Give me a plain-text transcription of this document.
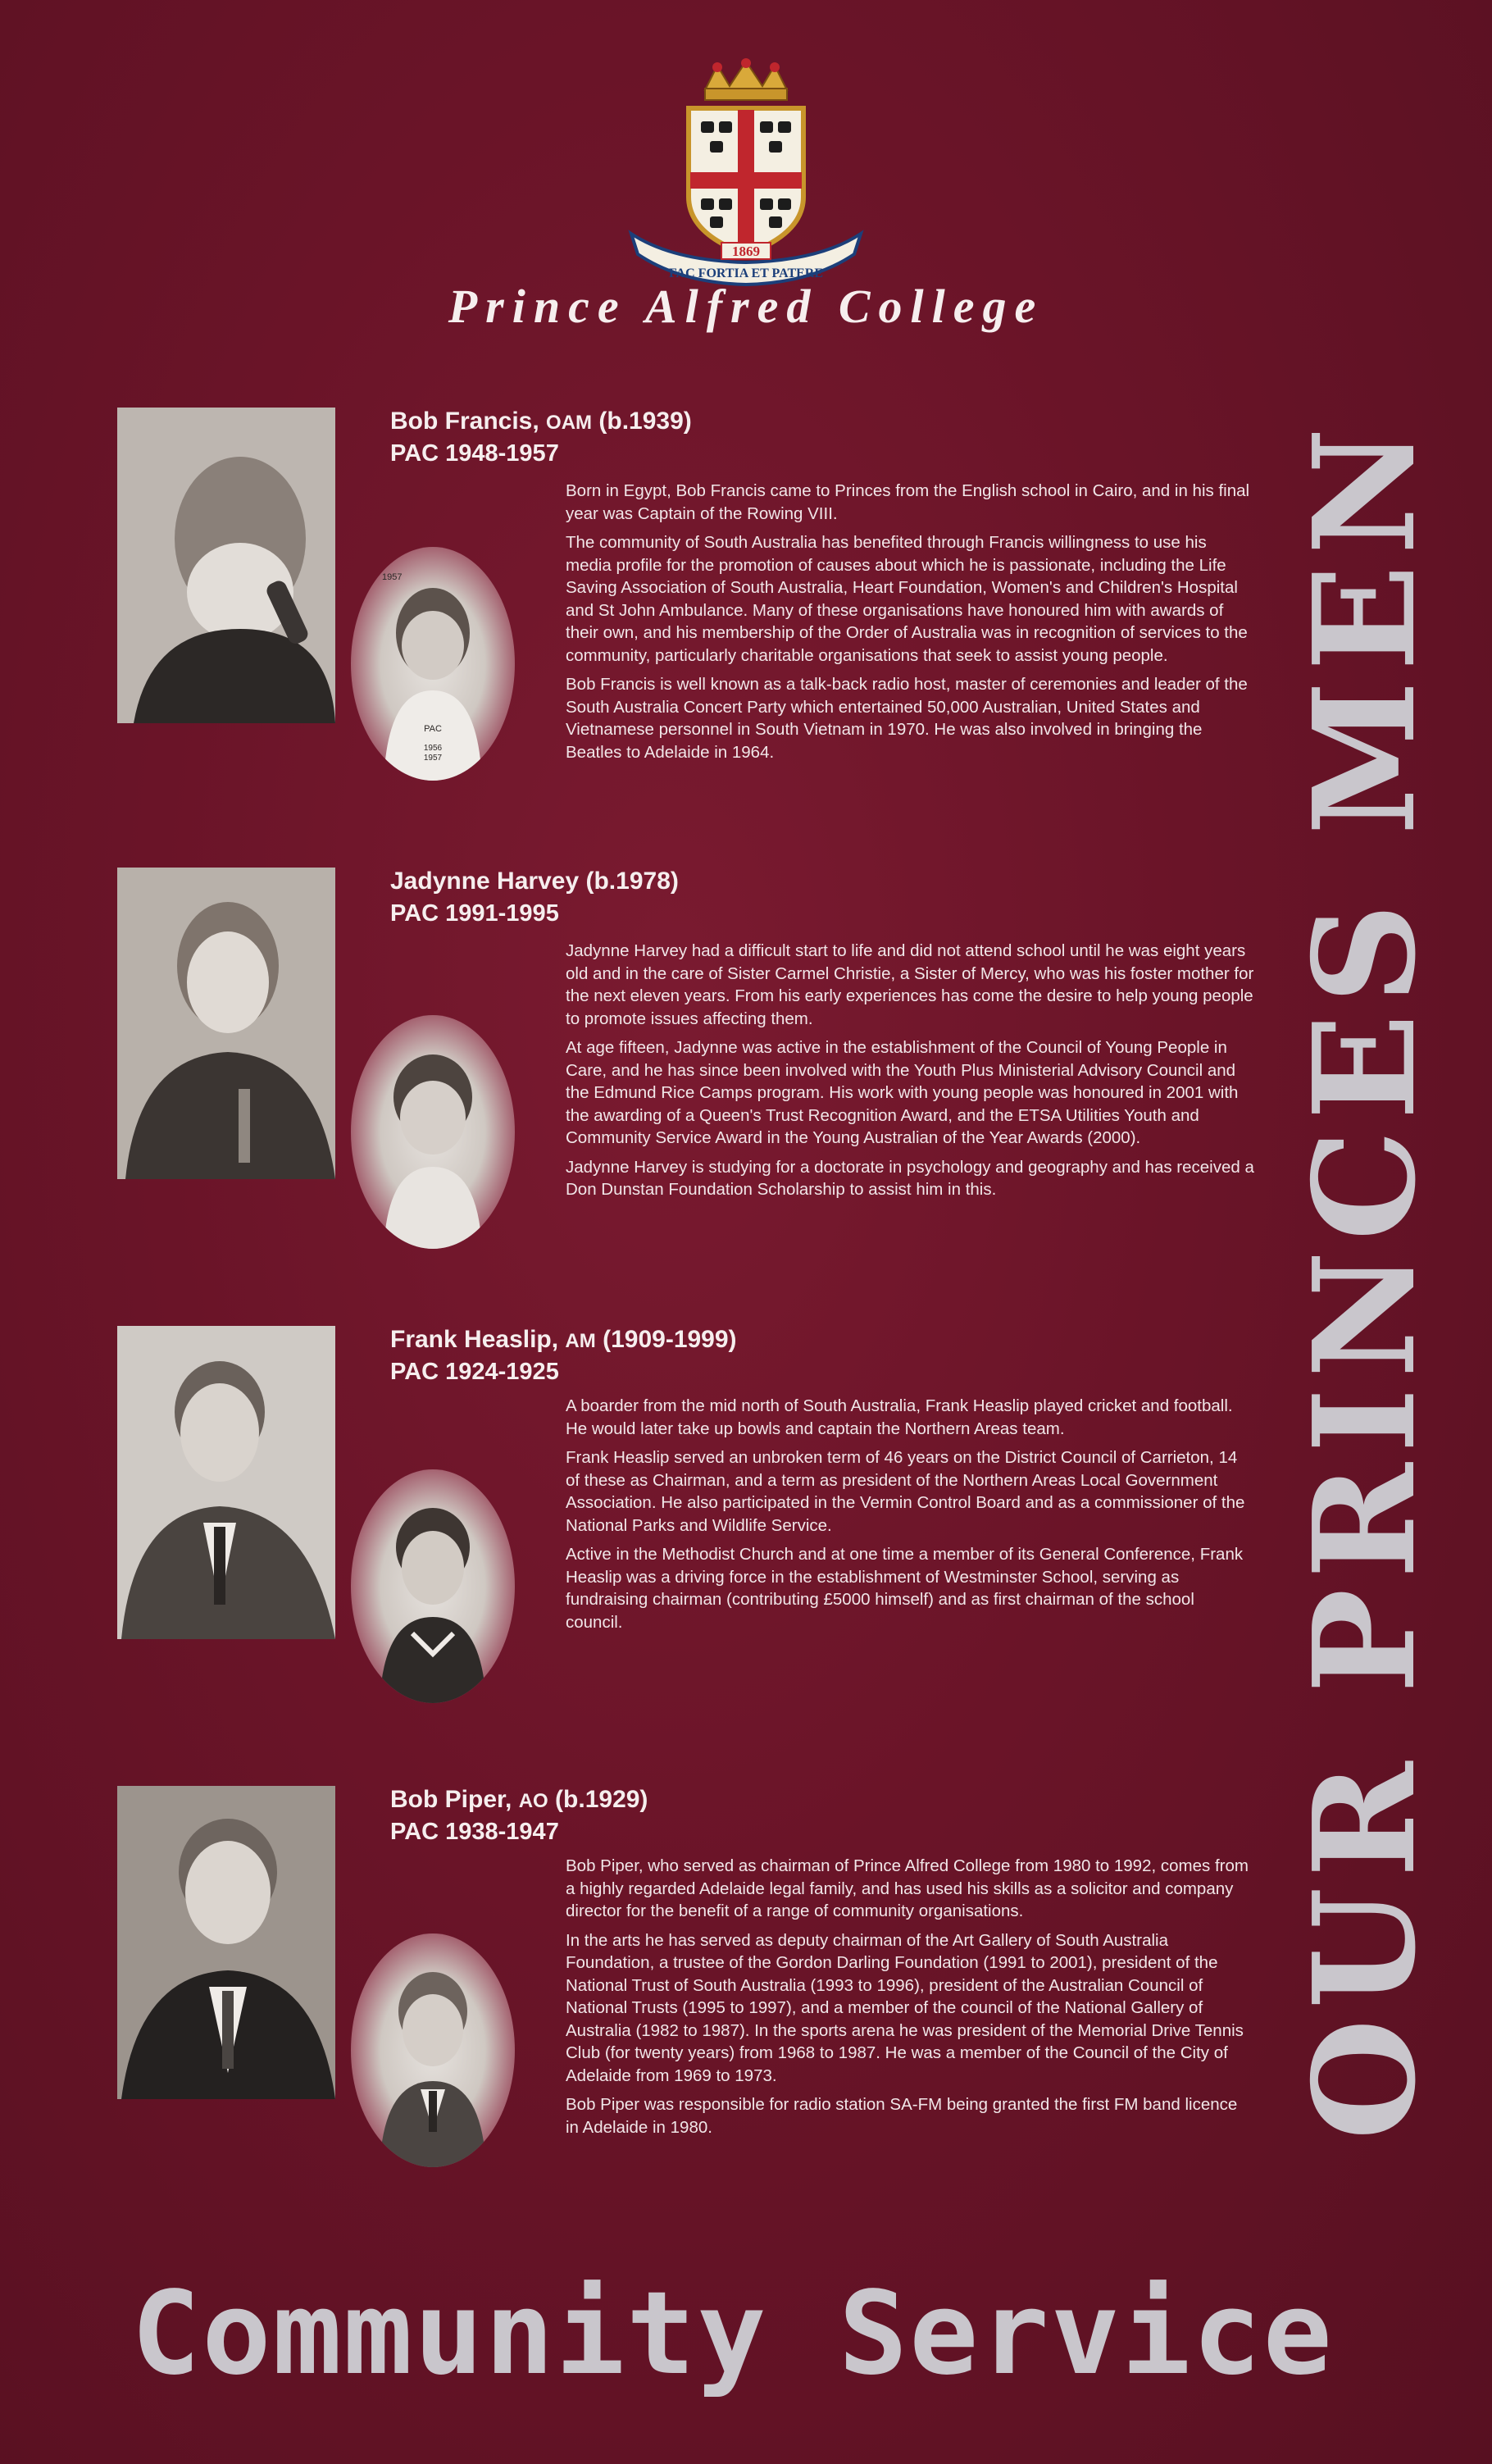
1869
FAC FORTIA ET PATERE
Prince Alfred College
OUR PRINCES MEN
1957
PAC
1956
1957
Bob Francis, OAM (b.1939)
PAC 1948-1957

Born in Egypt, Bob Francis came to Princes from the English school in Cairo, and in his final year was Captain of the Rowing VIII.

The community of South Australia has benefited through Francis willingness to use his media profile for the promotion of causes about which he is passionate, including the Life Saving Association of South Australia, Heart Foundation, Women's and Children's Hospital and St John Ambulance. Many of these organisations have honoured him with awards of their own, and his membership of the Order of Australia was in recognition of services to the community, particularly charitable organisations that seek to assist young people.

Bob Francis is well known as a talk-back radio host, master of ceremonies and leader of the South Australia Concert Party which entertained 50,000 Australian, United States and Vietnamese personnel in South Vietnam in 1970. He was also involved in bringing the Beatles to Adelaide in 1964.

Jadynne Harvey (b.1978)
PAC 1991-1995

Jadynne Harvey had a difficult start to life and did not attend school until he was eight years old and in the care of Sister Carmel Christie, a Sister of Mercy, who was his foster mother for the next eleven years. From his early experiences has come the desire to help young people to promote issues affecting them.

At age fifteen, Jadynne was active in the establishment of the Council of Young People in Care, and he has since been involved with the Youth Plus Ministerial Advisory Council and the Edmund Rice Camps program. His work with young people was honoured in 2001 with the awarding of a Queen's Trust Recognition Award, and the ETSA Utilities Youth and Community Service Award in the Young Australian of the Year Awards (2000).

Jadynne Harvey is studying for a doctorate in psychology and geography and has received a Don Dunstan Foundation Scholarship to assist him in this.

Frank Heaslip, AM (1909-1999)
PAC 1924-1925

A boarder from the mid north of South Australia, Frank Heaslip played cricket and football. He would later take up bowls and captain the Northern Areas team.

Frank Heaslip served an unbroken term of 46 years on the District Council of Carrieton, 14 of these as Chairman, and a term as president of the Northern Areas Local Government Association. He also participated in the Vermin Control Board and as a commissioner of the National Parks and Wildlife Service.

Active in the Methodist Church and at one time a member of its General Conference, Frank Heaslip was a driving force in the establishment of Westminster School, serving as fundraising chairman (contributing £5000 himself) and as first chairman of the school council.

Bob Piper, AO (b.1929)
PAC 1938-1947

Bob Piper, who served as chairman of Prince Alfred College from 1980 to 1992, comes from a highly regarded Adelaide legal family, and has used his skills as a solicitor and company director for the benefit of a range of community organisations.

In the arts he has served as deputy chairman of the Art Gallery of South Australia Foundation, a trustee of the Gordon Darling Foundation (1991 to 2001), president of the National Trust of South Australia (1993 to 1996), president of the Australian Council of National Trusts (1995 to 1997), and a member of the council of the National Gallery of Australia (1982 to 1987). In the sports arena he was president of the Memorial Drive Tennis Club (for twenty years) from 1968 to 1987. He was a member of the Council of the City of Adelaide from 1969 to 1973.

Bob Piper was responsible for radio station SA-FM being granted the first FM band licence in Adelaide in 1980.

Community Service
